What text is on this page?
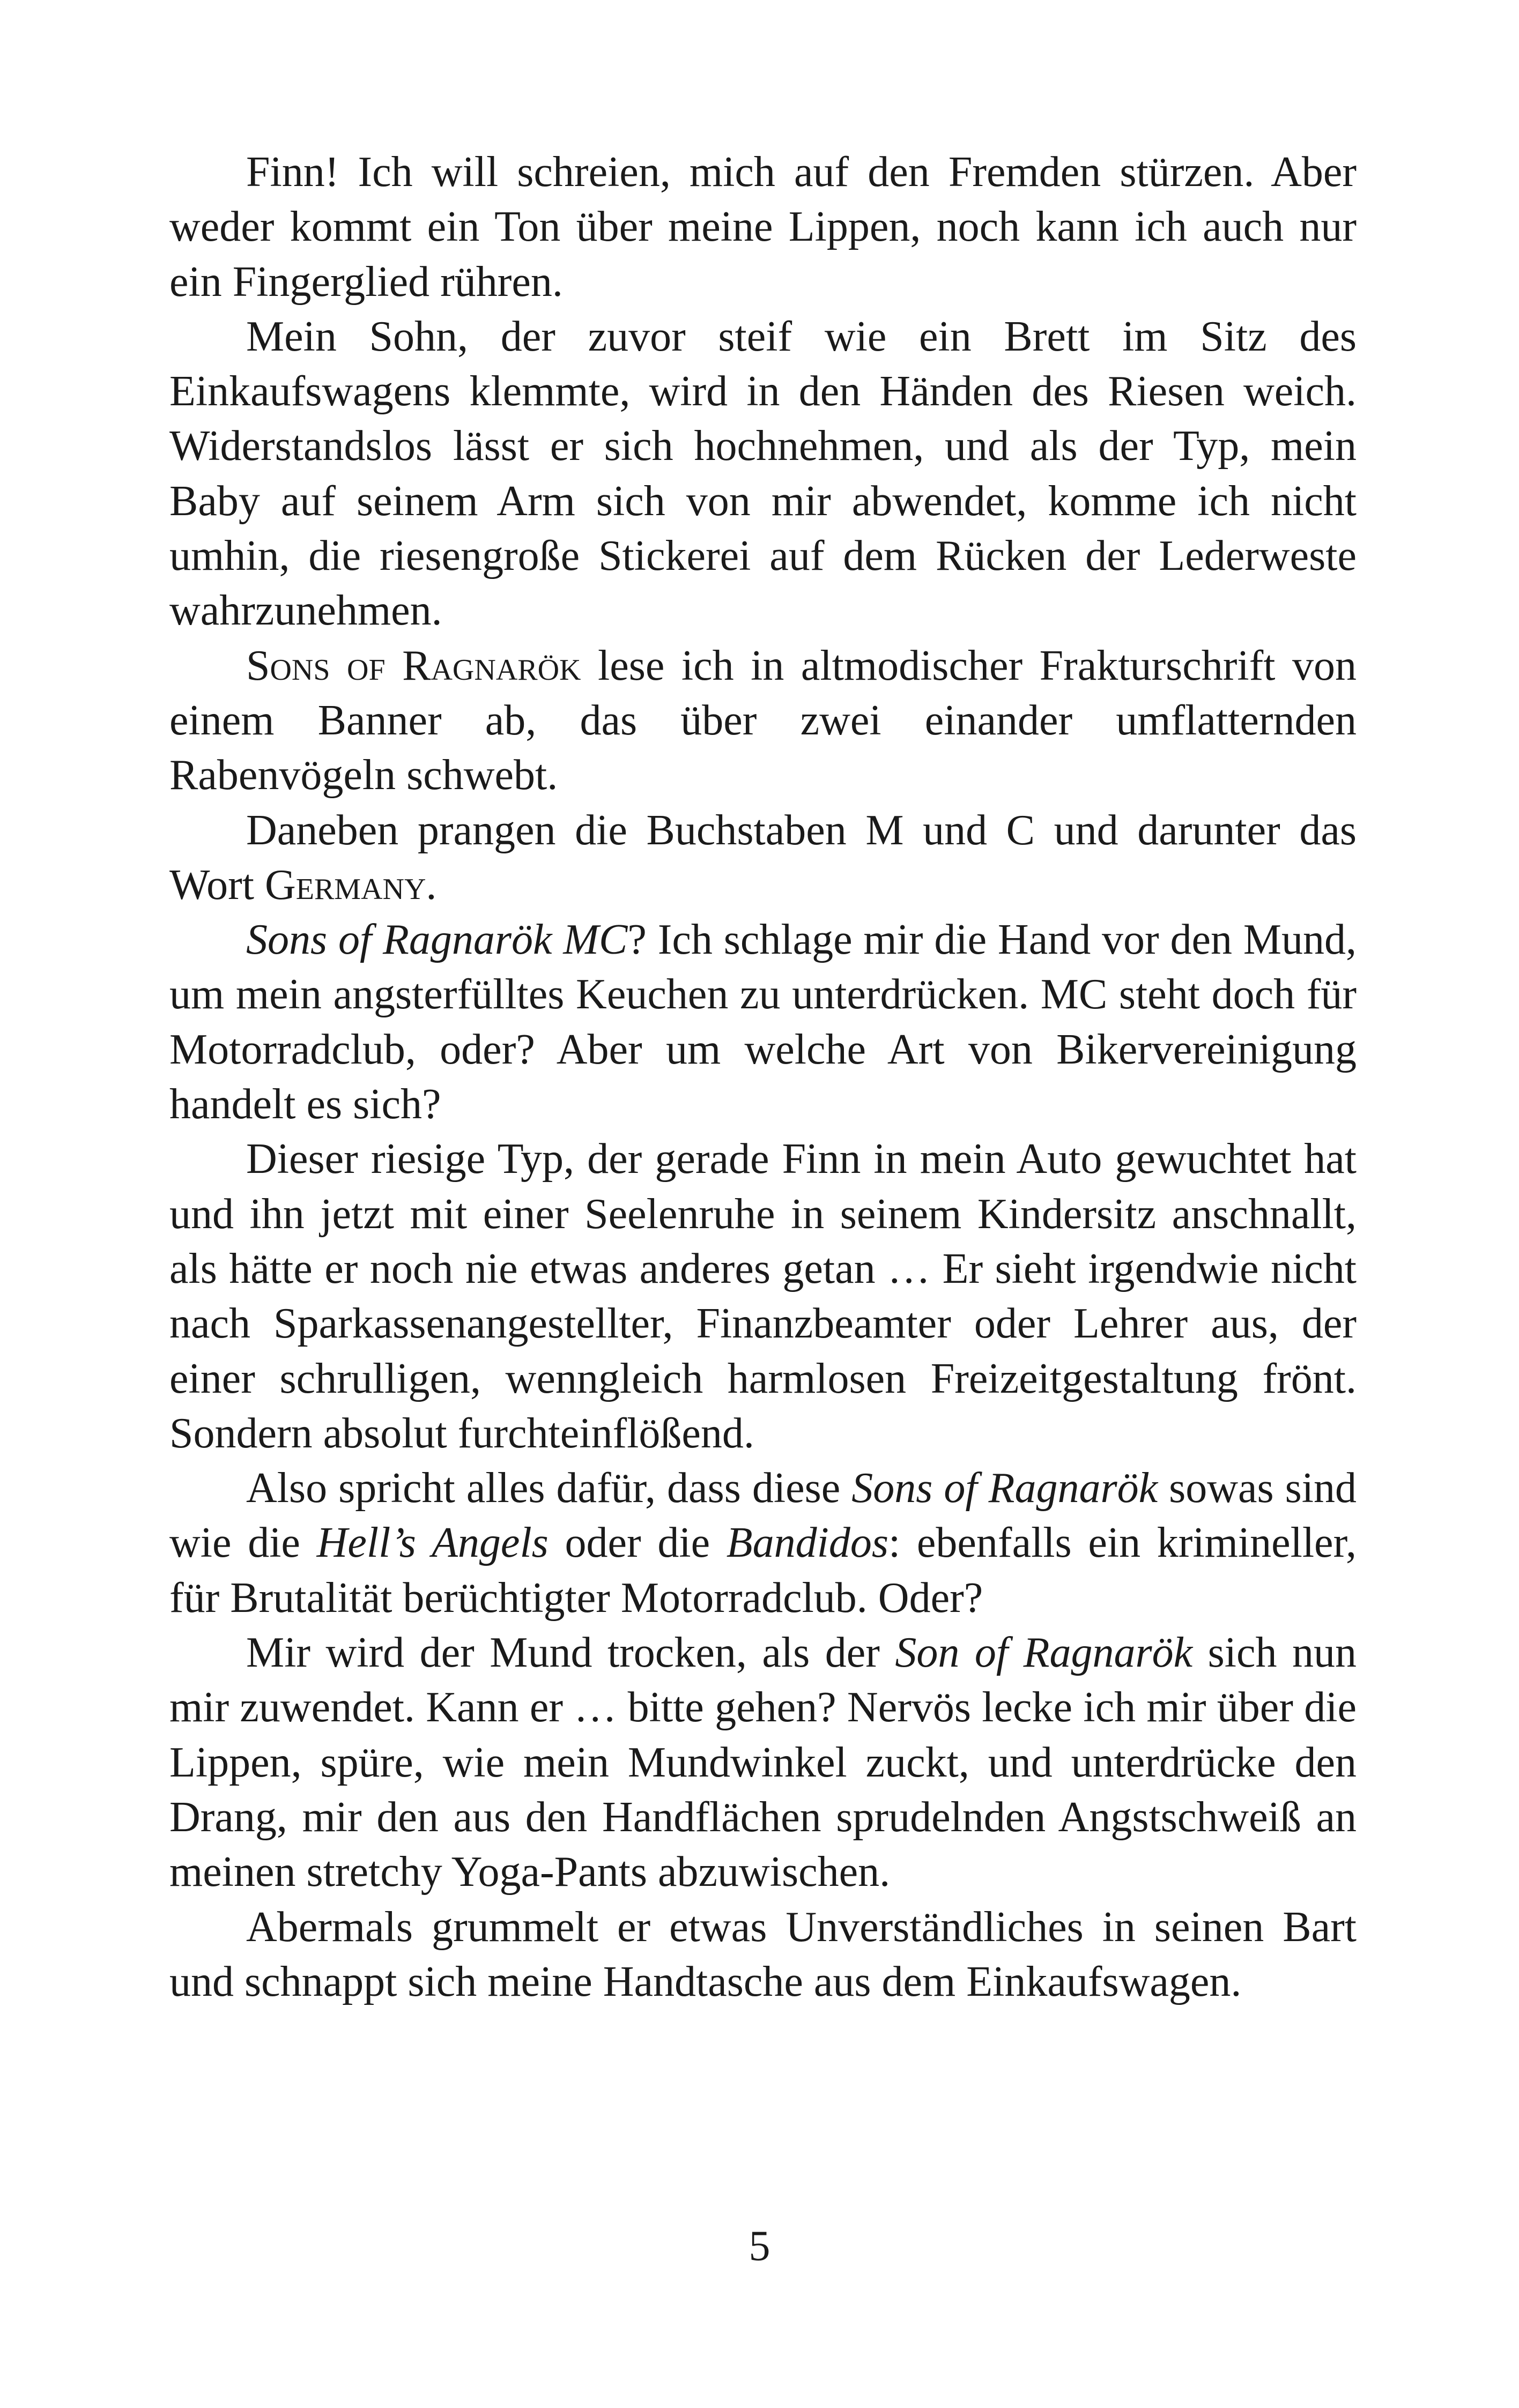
Finn! Ich will schreien, mich auf den Fremden stürzen. Aber weder kommt ein Ton über meine Lippen, noch kann ich auch nur ein Fingerglied rühren.

Mein Sohn, der zuvor steif wie ein Brett im Sitz des Einkaufswagens klemmte, wird in den Händen des Riesen weich. Widerstandslos lässt er sich hochnehmen, und als der Typ, mein Baby auf seinem Arm sich von mir abwendet, komme ich nicht umhin, die riesengroße Stickerei auf dem Rücken der Lederweste wahrzunehmen.

Sons of Ragnarök lese ich in altmodischer Frakturschrift von einem Banner ab, das über zwei einander umflatternden Rabenvögeln schwebt.

Daneben prangen die Buchstaben M und C und darunter das Wort Germany.

Sons of Ragnarök MC? Ich schlage mir die Hand vor den Mund, um mein angsterfülltes Keuchen zu unterdrücken. MC steht doch für Motorradclub, oder? Aber um welche Art von Bikervereinigung handelt es sich?

Dieser riesige Typ, der gerade Finn in mein Auto gewuchtet hat und ihn jetzt mit einer Seelenruhe in seinem Kindersitz anschnallt, als hätte er noch nie etwas anderes getan … Er sieht irgendwie nicht nach Sparkassenangestellter, Finanzbeamter oder Lehrer aus, der einer schrulligen, wenngleich harmlosen Freizeitgestaltung frönt. Sondern absolut furchteinflößend.

Also spricht alles dafür, dass diese Sons of Ragnarök sowas sind wie die Hell’s Angels oder die Bandidos: ebenfalls ein krimineller, für Brutalität berüchtigter Motorradclub. Oder?

Mir wird der Mund trocken, als der Son of Ragnarök sich nun mir zuwendet. Kann er … bitte gehen? Nervös lecke ich mir über die Lippen, spüre, wie mein Mundwinkel zuckt, und unterdrücke den Drang, mir den aus den Handflächen sprudelnden Angstschweiß an meinen stretchy Yoga-Pants abzuwischen.

Abermals grummelt er etwas Unverständliches in seinen Bart und schnappt sich meine Handtasche aus dem Einkaufswagen.

5
